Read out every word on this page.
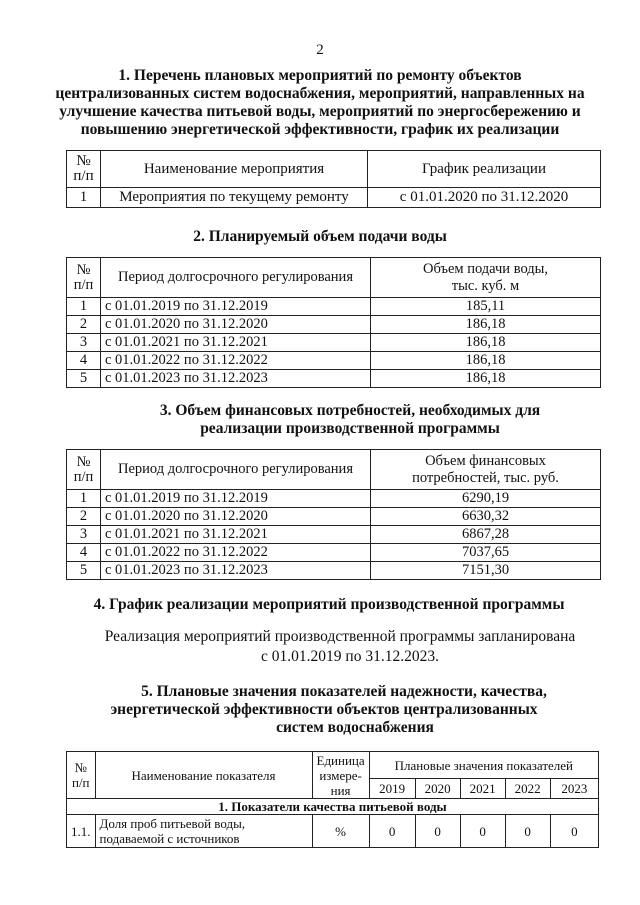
2
1. Перечень плановых мероприятий по ремонту объектов
централизованных систем водоснабжения, мероприятий, направленных на
улучшение качества питьевой воды, мероприятий по энергосбережению и
повышению энергетической эффективности, график их реализации
№
п/п	Наименование мероприятия	График реализации
1	Мероприятия по текущему ремонту	с 01.01.2020 по 31.12.2020
2. Планируемый объем подачи воды
№
п/п	Период долгосрочного регулирования	Объем подачи воды,
тыс. куб. м
1	с 01.01.2019 по 31.12.2019	185,11
2	с 01.01.2020 по 31.12.2020	186,18
3	с 01.01.2021 по 31.12.2021	186,18
4	с 01.01.2022 по 31.12.2022	186,18
5	с 01.01.2023 по 31.12.2023	186,18
3. Объем финансовых потребностей, необходимых для
реализации производственной программы
№
п/п	Период долгосрочного регулирования	Объем финансовых
потребностей, тыс. руб.
1	с 01.01.2019 по 31.12.2019	6290,19
2	с 01.01.2020 по 31.12.2020	6630,32
3	с 01.01.2021 по 31.12.2021	6867,28
4	с 01.01.2022 по 31.12.2022	7037,65
5	с 01.01.2023 по 31.12.2023	7151,30
4. График реализации мероприятий производственной программы
Реализация мероприятий производственной программы запланирована
с 01.01.2019 по 31.12.2023.
5. Плановые значения показателей надежности, качества,
энергетической эффективности объектов централизованных
систем водоснабжения
№
п/п	Наименование показателя	Единица
измере-
ния	Плановые значения показателей				
			2019	2020	2021	2022	2023
1. Показатели качества питьевой воды							
1.1.	Доля проб питьевой воды,
подаваемой с источников	%	0	0	0	0	0
